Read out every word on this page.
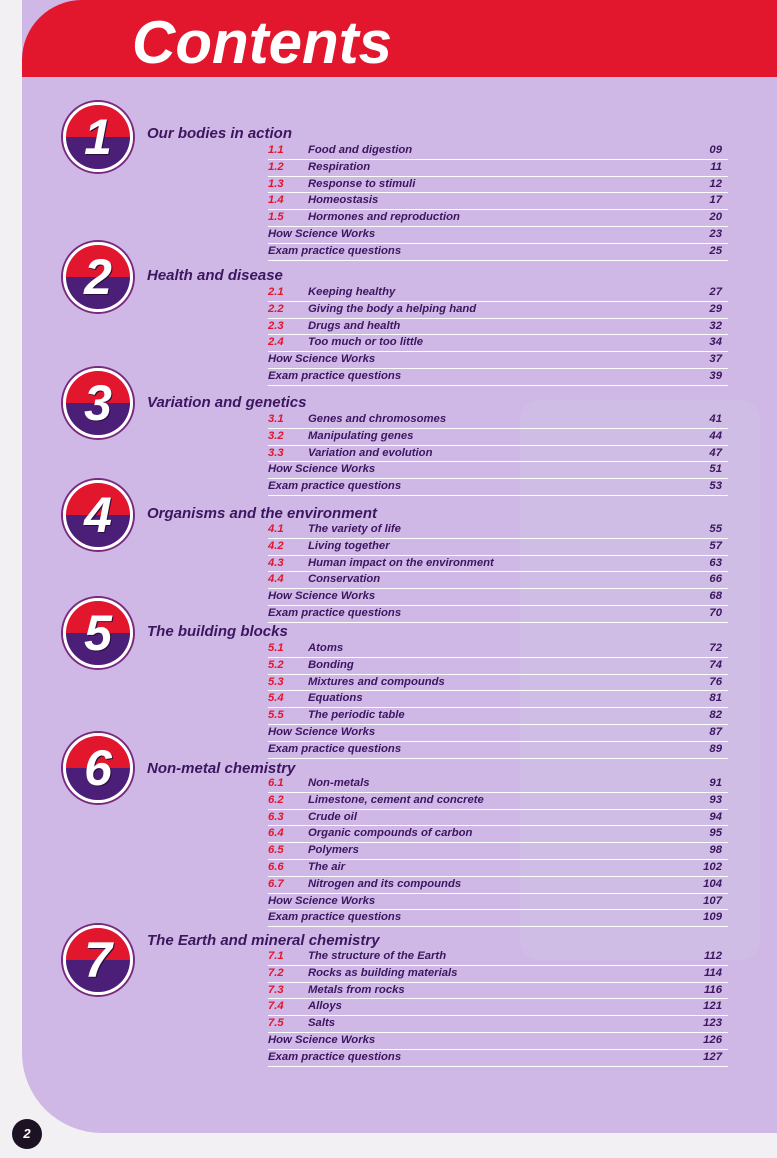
Contents
1	Our bodies in action
1.1 Food and digestion	09
1.2 Respiration	11
1.3 Response to stimuli	12
1.4 Homeostasis	17
1.5 Hormones and reproduction	20
How Science Works	23
Exam practice questions	25
2	Health and disease
2.1 Keeping healthy	27
2.2 Giving the body a helping hand	29
2.3 Drugs and health	32
2.4 Too much or too little	34
How Science Works	37
Exam practice questions	39
3	Variation and genetics
3.1 Genes and chromosomes	41
3.2 Manipulating genes	44
3.3 Variation and evolution	47
How Science Works	51
Exam practice questions	53
4	Organisms and the environment
4.1 The variety of life	55
4.2 Living together	57
4.3 Human impact on the environment	63
4.4 Conservation	66
How Science Works	68
Exam practice questions	70
5	The building blocks
5.1 Atoms	72
5.2 Bonding	74
5.3 Mixtures and compounds	76
5.4 Equations	81
5.5 The periodic table	82
How Science Works	87
Exam practice questions	89
6	Non-metal chemistry
6.1 Non-metals	91
6.2 Limestone, cement and concrete	93
6.3 Crude oil	94
6.4 Organic compounds of carbon	95
6.5 Polymers	98
6.6 The air	102
6.7 Nitrogen and its compounds	104
How Science Works	107
Exam practice questions	109
7	The Earth and mineral chemistry
7.1 The structure of the Earth	112
7.2 Rocks as building materials	114
7.3 Metals from rocks	116
7.4 Alloys	121
7.5 Salts	123
How Science Works	126
Exam practice questions	127
2
